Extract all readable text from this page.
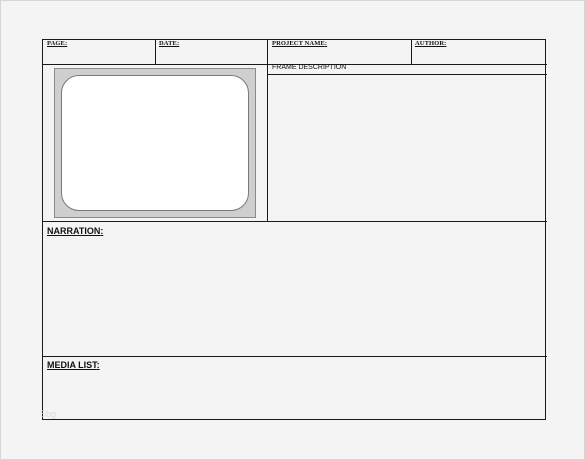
PAGE :	DATE :	PROJECT NAME :	AUTHOR :
FRAME DESCRIPTION
NARRATION :
MEDIA LIST :
Sbg
